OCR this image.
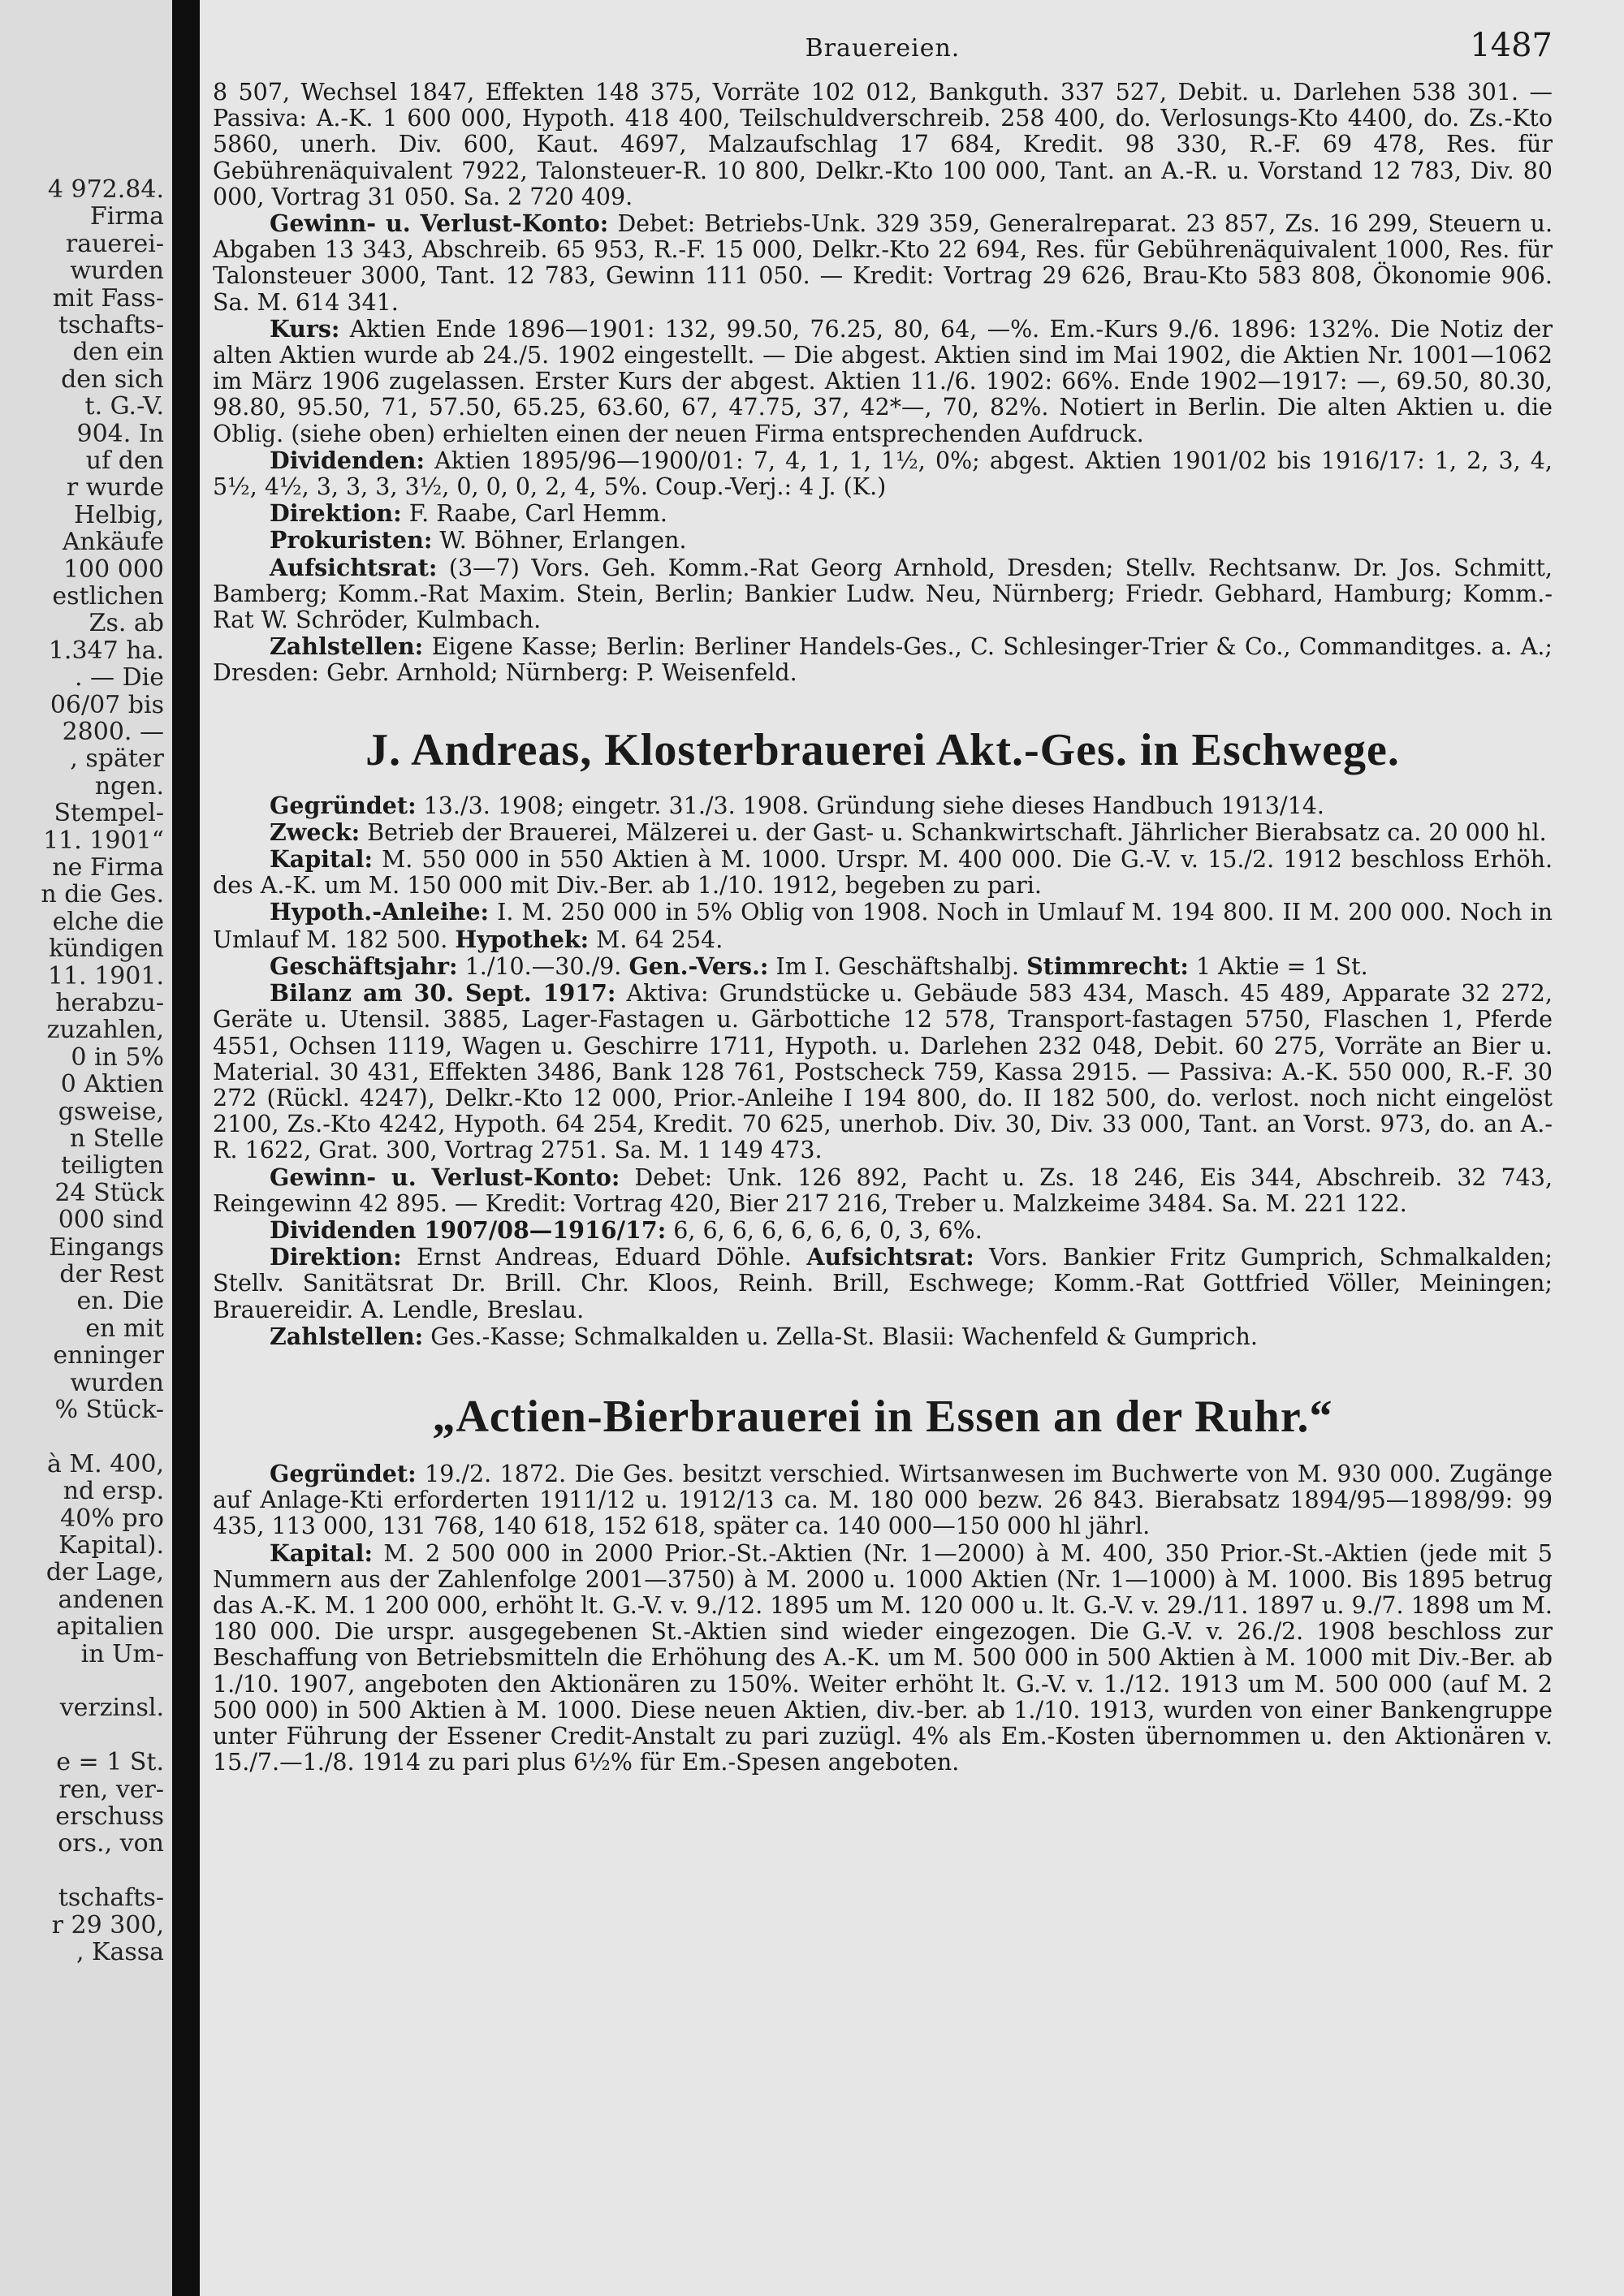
4 972.84.
Firma
rauerei-
wurden
mit Fass-
tschafts-
den ein
den sich
t. G.-V.
904. In
uf den
r wurde
Helbig,
Ankäufe
100 000
estlichen
Zs. ab
1.347 ha.
. — Die
06/07 bis
2800. —
, später
ngen.
Stempel-
11. 1901“
ne Firma
n die Ges.
elche die
kündigen
11. 1901.
herabzu-
zuzahlen,
0 in 5%
0 Aktien
gsweise,
n Stelle
teiligten
24 Stück
000 sind
Eingangs
der Rest
en. Die
en mit
enninger
wurden
% Stück-
à M. 400,
nd ersp.
40% pro
Kapital).
der Lage,
andenen
apitalien
in Um-
verzinsl.
e = 1 St.
ren, ver-
erschuss
ors., von
tschafts-
r 29 300,
, Kassa
Brauereien.	1487

8 507, Wechsel 1847, Effekten 148 375, Vorräte 102 012, Bankguth. 337 527, Debit. u. Darlehen 538 301. — Passiva: A.-K. 1 600 000, Hypoth. 418 400, Teilschuldverschreib. 258 400, do. Verlosungs-Kto 4400, do. Zs.-Kto 5860, unerh. Div. 600, Kaut. 4697, Malzaufschlag 17 684, Kredit. 98 330, R.-F. 69 478, Res. für Gebührenäquivalent 7922, Talonsteuer-R. 10 800, Delkr.-Kto 100 000, Tant. an A.-R. u. Vorstand 12 783, Div. 80 000, Vortrag 31 050. Sa. 2 720 409.

Gewinn- u. Verlust-Konto: Debet: Betriebs-Unk. 329 359, Generalreparat. 23 857, Zs. 16 299, Steuern u. Abgaben 13 343, Abschreib. 65 953, R.-F. 15 000, Delkr.-Kto 22 694, Res. für Gebührenäquivalent 1000, Res. für Talonsteuer 3000, Tant. 12 783, Gewinn 111 050. — Kredit: Vortrag 29 626, Brau-Kto 583 808, Ökonomie 906. Sa. M. 614 341.

Kurs: Aktien Ende 1896—1901: 132, 99.50, 76.25, 80, 64, —%. Em.-Kurs 9./6. 1896: 132%. Die Notiz der alten Aktien wurde ab 24./5. 1902 eingestellt. — Die abgest. Aktien sind im Mai 1902, die Aktien Nr. 1001—1062 im März 1906 zugelassen. Erster Kurs der abgest. Aktien 11./6. 1902: 66%. Ende 1902—1917: —, 69.50, 80.30, 98.80, 95.50, 71, 57.50, 65.25, 63.60, 67, 47.75, 37, 42*—, 70, 82%. Notiert in Berlin. Die alten Aktien u. die Oblig. (siehe oben) erhielten einen der neuen Firma entsprechenden Aufdruck.

Dividenden: Aktien 1895/96—1900/01: 7, 4, 1, 1, 1½, 0%; abgest. Aktien 1901/02 bis 1916/17: 1, 2, 3, 4, 5½, 4½, 3, 3, 3, 3½, 0, 0, 0, 2, 4, 5%. Coup.-Verj.: 4 J. (K.)

Direktion: F. Raabe, Carl Hemm.

Prokuristen: W. Böhner, Erlangen.

Aufsichtsrat: (3—7) Vors. Geh. Komm.-Rat Georg Arnhold, Dresden; Stellv. Rechtsanw. Dr. Jos. Schmitt, Bamberg; Komm.-Rat Maxim. Stein, Berlin; Bankier Ludw. Neu, Nürnberg; Friedr. Gebhard, Hamburg; Komm.-Rat W. Schröder, Kulmbach.

Zahlstellen: Eigene Kasse; Berlin: Berliner Handels-Ges., C. Schlesinger-Trier & Co., Commanditges. a. A.; Dresden: Gebr. Arnhold; Nürnberg: P. Weisenfeld.

J. Andreas, Klosterbrauerei Akt.-Ges. in Eschwege.

Gegründet: 13./3. 1908; eingetr. 31./3. 1908. Gründung siehe dieses Handbuch 1913/14.

Zweck: Betrieb der Brauerei, Mälzerei u. der Gast- u. Schankwirtschaft. Jährlicher Bierabsatz ca. 20 000 hl.

Kapital: M. 550 000 in 550 Aktien à M. 1000. Urspr. M. 400 000. Die G.-V. v. 15./2. 1912 beschloss Erhöh. des A.-K. um M. 150 000 mit Div.-Ber. ab 1./10. 1912, begeben zu pari.

Hypoth.-Anleihe: I. M. 250 000 in 5% Oblig von 1908. Noch in Umlauf M. 194 800. II M. 200 000. Noch in Umlauf M. 182 500. Hypothek: M. 64 254.

Geschäftsjahr: 1./10.—30./9. Gen.-Vers.: Im I. Geschäftshalbj. Stimmrecht: 1 Aktie = 1 St.

Bilanz am 30. Sept. 1917: Aktiva: Grundstücke u. Gebäude 583 434, Masch. 45 489, Apparate 32 272, Geräte u. Utensil. 3885, Lager-Fastagen u. Gärbottiche 12 578, Transport-fastagen 5750, Flaschen 1, Pferde 4551, Ochsen 1119, Wagen u. Geschirre 1711, Hypoth. u. Darlehen 232 048, Debit. 60 275, Vorräte an Bier u. Material. 30 431, Effekten 3486, Bank 128 761, Postscheck 759, Kassa 2915. — Passiva: A.-K. 550 000, R.-F. 30 272 (Rückl. 4247), Delkr.-Kto 12 000, Prior.-Anleihe I 194 800, do. II 182 500, do. verlost. noch nicht eingelöst 2100, Zs.-Kto 4242, Hypoth. 64 254, Kredit. 70 625, unerhob. Div. 30, Div. 33 000, Tant. an Vorst. 973, do. an A.-R. 1622, Grat. 300, Vortrag 2751. Sa. M. 1 149 473.

Gewinn- u. Verlust-Konto: Debet: Unk. 126 892, Pacht u. Zs. 18 246, Eis 344, Abschreib. 32 743, Reingewinn 42 895. — Kredit: Vortrag 420, Bier 217 216, Treber u. Malzkeime 3484. Sa. M. 221 122.

Dividenden 1907/08—1916/17: 6, 6, 6, 6, 6, 6, 6, 0, 3, 6%.

Direktion: Ernst Andreas, Eduard Döhle. Aufsichtsrat: Vors. Bankier Fritz Gumprich, Schmalkalden; Stellv. Sanitätsrat Dr. Brill. Chr. Kloos, Reinh. Brill, Eschwege; Komm.-Rat Gottfried Völler, Meiningen; Brauereidir. A. Lendle, Breslau.

Zahlstellen: Ges.-Kasse; Schmalkalden u. Zella-St. Blasii: Wachenfeld & Gumprich.

„Actien-Bierbrauerei in Essen an der Ruhr.“

Gegründet: 19./2. 1872. Die Ges. besitzt verschied. Wirtsanwesen im Buchwerte von M. 930 000. Zugänge auf Anlage-Kti erforderten 1911/12 u. 1912/13 ca. M. 180 000 bezw. 26 843. Bierabsatz 1894/95—1898/99: 99 435, 113 000, 131 768, 140 618, 152 618, später ca. 140 000—150 000 hl jährl.

Kapital: M. 2 500 000 in 2000 Prior.-St.-Aktien (Nr. 1—2000) à M. 400, 350 Prior.-St.-Aktien (jede mit 5 Nummern aus der Zahlenfolge 2001—3750) à M. 2000 u. 1000 Aktien (Nr. 1—1000) à M. 1000. Bis 1895 betrug das A.-K. M. 1 200 000, erhöht lt. G.-V. v. 9./12. 1895 um M. 120 000 u. lt. G.-V. v. 29./11. 1897 u. 9./7. 1898 um M. 180 000. Die urspr. ausgegebenen St.-Aktien sind wieder eingezogen. Die G.-V. v. 26./2. 1908 beschloss zur Beschaffung von Betriebsmitteln die Erhöhung des A.-K. um M. 500 000 in 500 Aktien à M. 1000 mit Div.-Ber. ab 1./10. 1907, angeboten den Aktionären zu 150%. Weiter erhöht lt. G.-V. v. 1./12. 1913 um M. 500 000 (auf M. 2 500 000) in 500 Aktien à M. 1000. Diese neuen Aktien, div.-ber. ab 1./10. 1913, wurden von einer Bankengruppe unter Führung der Essener Credit-Anstalt zu pari zuzügl. 4% als Em.-Kosten übernommen u. den Aktionären v. 15./7.—1./8. 1914 zu pari plus 6½% für Em.-Spesen angeboten.
